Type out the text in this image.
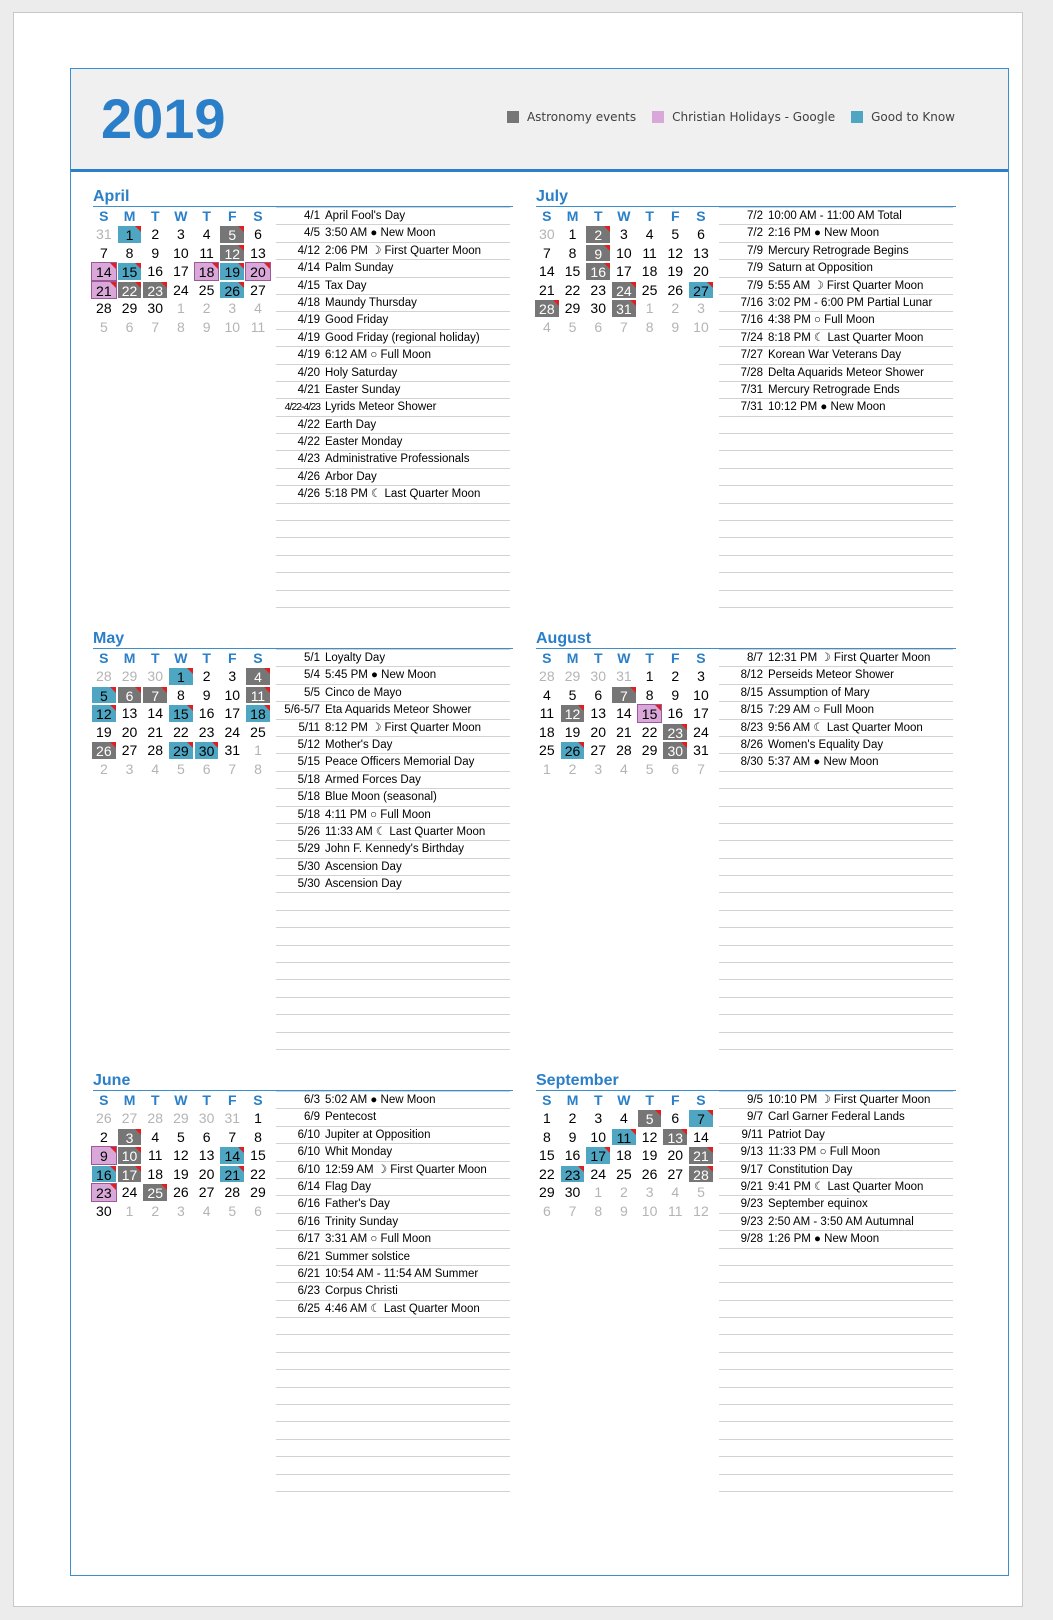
2019	Astronomy events	Christian Holidays - Google	Good to Know
April
S	M	T	W	T	F	S
31	1	2	3	4	5	6
7	8	9	10 11 12 13
14 15 16 17 18 19 20
21 22 23 24 25 26 27
28 29 30	1	2	3	4
5	6	7	8	9	10 11
4/1 April Fool's Day
4/5 3:50 AM ● New Moon
4/12 2:06 PM ☽ First Quarter Moon
4/14 Palm Sunday
4/15 Tax Day
4/18 Maundy Thursday
4/19 Good Friday
4/19 Good Friday (regional holiday)
4/19 6:12 AM ○ Full Moon
4/20 Holy Saturday
4/21 Easter Sunday
4/22-4/23 Lyrids Meteor Shower
4/22 Earth Day
4/22 Easter Monday
4/23 Administrative Professionals
4/26 Arbor Day
4/26 5:18 PM ☾ Last Quarter Moon
July
S	M	T	W	T	F	S
30	1	2	3	4	5	6
7	8	9	10 11 12 13
14 15 16 17 18 19 20
21 22 23 24 25 26 27
28 29 30 31	1	2	3
4	5	6	7	8	9	10
7/2 10:00 AM - 11:00 AM Total
7/2 2:16 PM ● New Moon
7/9 Mercury Retrograde Begins
7/9 Saturn at Opposition
7/9 5:55 AM ☽ First Quarter Moon
7/16 3:02 PM - 6:00 PM Partial Lunar
7/16 4:38 PM ○ Full Moon
7/24 8:18 PM ☾ Last Quarter Moon
7/27 Korean War Veterans Day
7/28 Delta Aquarids Meteor Shower
7/31 Mercury Retrograde Ends
7/31 10:12 PM ● New Moon
May
S	M	T	W	T	F	S
28 29 30	1	2	3	4
5	6	7	8	9	10 11
12 13 14 15 16 17 18
19 20 21 22 23 24 25
26 27 28 29 30 31	1
2	3	4	5	6	7	8
5/1 Loyalty Day
5/4 5:45 PM ● New Moon
5/5 Cinco de Mayo
5/6-5/7 Eta Aquarids Meteor Shower
5/11 8:12 PM ☽ First Quarter Moon
5/12 Mother's Day
5/15 Peace Officers Memorial Day
5/18 Armed Forces Day
5/18 Blue Moon (seasonal)
5/18 4:11 PM ○ Full Moon
5/26 11:33 AM ☾ Last Quarter Moon
5/29 John F. Kennedy's Birthday
5/30 Ascension Day
5/30 Ascension Day
August
S	M	T	W	T	F	S
28 29 30 31	1	2	3
4	5	6	7	8	9	10
11 12 13 14 15 16 17
18 19 20 21 22 23 24
25 26 27 28 29 30 31
1	2	3	4	5	6	7
8/7 12:31 PM ☽ First Quarter Moon
8/12 Perseids Meteor Shower
8/15 Assumption of Mary
8/15 7:29 AM ○ Full Moon
8/23 9:56 AM ☾ Last Quarter Moon
8/26 Women's Equality Day
8/30 5:37 AM ● New Moon
June
S	M	T	W	T	F	S
26 27 28 29 30 31	1
2	3	4	5	6	7	8
9	10 11 12 13 14 15
16 17 18 19 20 21 22
23 24 25 26 27 28 29
30	1	2	3	4	5	6
6/3 5:02 AM ● New Moon
6/9 Pentecost
6/10 Jupiter at Opposition
6/10 Whit Monday
6/10 12:59 AM ☽ First Quarter Moon
6/14 Flag Day
6/16 Father's Day
6/16 Trinity Sunday
6/17 3:31 AM ○ Full Moon
6/21 Summer solstice
6/21 10:54 AM - 11:54 AM Summer
6/23 Corpus Christi
6/25 4:46 AM ☾ Last Quarter Moon
September
S	M	T	W	T	F	S
1	2	3	4	5	6	7
8	9	10 11 12 13 14
15 16 17 18 19 20 21
22 23 24 25 26 27 28
29 30	1	2	3	4	5
6	7	8	9	10 11 12
9/5 10:10 PM ☽ First Quarter Moon
9/7 Carl Garner Federal Lands
9/11 Patriot Day
9/13 11:33 PM ○ Full Moon
9/17 Constitution Day
9/21 9:41 PM ☾ Last Quarter Moon
9/23 September equinox
9/23 2:50 AM - 3:50 AM Autumnal
9/28 1:26 PM ● New Moon
